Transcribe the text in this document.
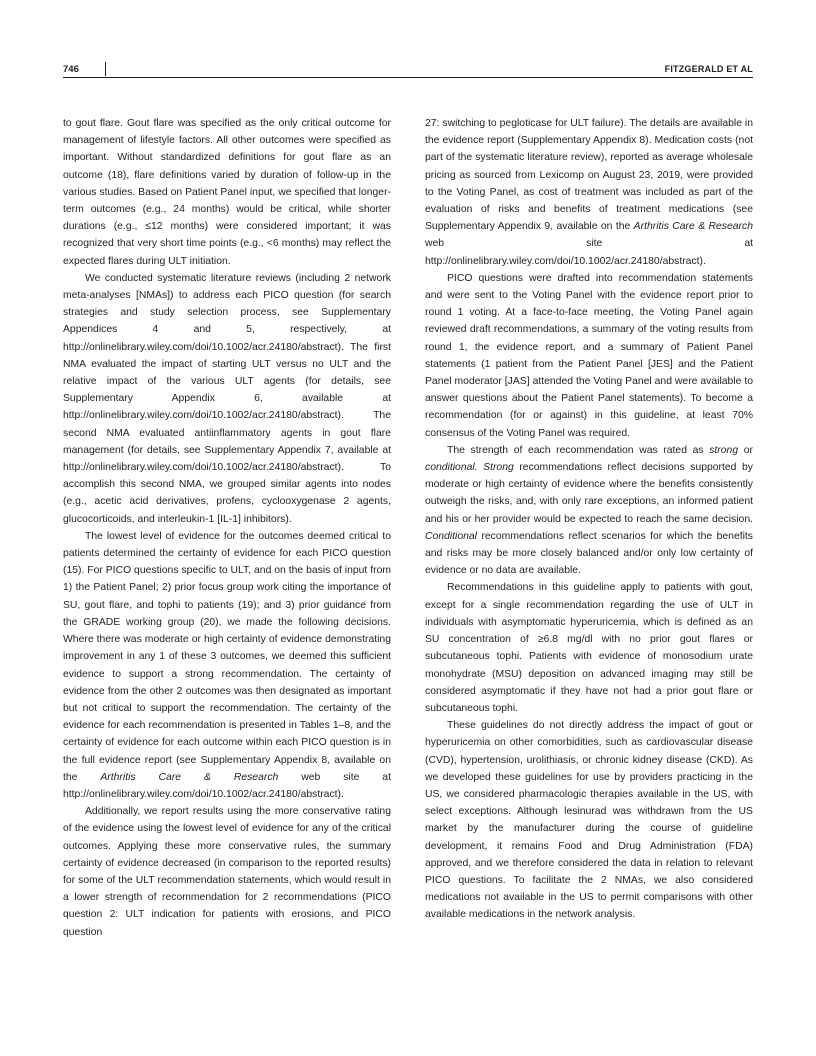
746	FITZGERALD ET AL

to gout flare. Gout flare was specified as the only critical outcome for management of lifestyle factors. All other outcomes were specified as important. Without standardized definitions for gout flare as an outcome (18), flare definitions varied by duration of follow-up in the various studies. Based on Patient Panel input, we specified that longer-term outcomes (e.g., 24 months) would be critical, while shorter durations (e.g., ≤12 months) were considered important; it was recognized that very short time points (e.g., <6 months) may reflect the expected flares during ULT initiation.

We conducted systematic literature reviews (including 2 network meta-analyses [NMAs]) to address each PICO question (for search strategies and study selection process, see Supplementary Appendices 4 and 5, respectively, at http://onlinelibrary.wiley.com/doi/10.1002/acr.24180/abstract). The first NMA evaluated the impact of starting ULT versus no ULT and the relative impact of the various ULT agents (for details, see Supplementary Appendix 6, available at http://onlinelibrary.wiley.com/doi/10.1002/acr.24180/abstract). The second NMA evaluated antiinflammatory agents in gout flare management (for details, see Supplementary Appendix 7, available at http://onlinelibrary.wiley.com/doi/10.1002/acr.24180/abstract). To accomplish this second NMA, we grouped similar agents into nodes (e.g., acetic acid derivatives, profens, cyclooxygenase 2 agents, glucocorticoids, and interleukin-1 [IL-1] inhibitors).

The lowest level of evidence for the outcomes deemed critical to patients determined the certainty of evidence for each PICO question (15). For PICO questions specific to ULT, and on the basis of input from 1) the Patient Panel; 2) prior focus group work citing the importance of SU, gout flare, and tophi to patients (19); and 3) prior guidance from the GRADE working group (20), we made the following decisions. Where there was moderate or high certainty of evidence demonstrating improvement in any 1 of these 3 outcomes, we deemed this sufficient evidence to support a strong recommendation. The certainty of evidence from the other 2 outcomes was then designated as important but not critical to support the recommendation. The certainty of the evidence for each recommendation is presented in Tables 1–8, and the certainty of evidence for each outcome within each PICO question is in the full evidence report (see Supplementary Appendix 8, available on the Arthritis Care & Research web site at http://onlinelibrary.wiley.com/doi/10.1002/acr.24180/abstract).

Additionally, we report results using the more conservative rating of the evidence using the lowest level of evidence for any of the critical outcomes. Applying these more conservative rules, the summary certainty of evidence decreased (in comparison to the reported results) for some of the ULT recommendation statements, which would result in a lower strength of recommendation for 2 recommendations (PICO question 2: ULT indication for patients with erosions, and PICO question

27: switching to pegloticase for ULT failure). The details are available in the evidence report (Supplementary Appendix 8). Medication costs (not part of the systematic literature review), reported as average wholesale pricing as sourced from Lexicomp on August 23, 2019, were provided to the Voting Panel, as cost of treatment was included as part of the evaluation of risks and benefits of treatment medications (see Supplementary Appendix 9, available on the Arthritis Care & Research web site at http://onlinelibrary.wiley.com/doi/10.1002/acr.24180/abstract).

PICO questions were drafted into recommendation statements and were sent to the Voting Panel with the evidence report prior to round 1 voting. At a face-to-face meeting, the Voting Panel again reviewed draft recommendations, a summary of the voting results from round 1, the evidence report, and a summary of Patient Panel statements (1 patient from the Patient Panel [JES] and the Patient Panel moderator [JAS] attended the Voting Panel and were available to answer questions about the Patient Panel statements). To become a recommendation (for or against) in this guideline, at least 70% consensus of the Voting Panel was required.

The strength of each recommendation was rated as strong or conditional. Strong recommendations reflect decisions supported by moderate or high certainty of evidence where the benefits consistently outweigh the risks, and, with only rare exceptions, an informed patient and his or her provider would be expected to reach the same decision. Conditional recommendations reflect scenarios for which the benefits and risks may be more closely balanced and/or only low certainty of evidence or no data are available.

Recommendations in this guideline apply to patients with gout, except for a single recommendation regarding the use of ULT in individuals with asymptomatic hyperuricemia, which is defined as an SU concentration of ≥6.8 mg/dl with no prior gout flares or subcutaneous tophi. Patients with evidence of monosodium urate monohydrate (MSU) deposition on advanced imaging may still be considered asymptomatic if they have not had a prior gout flare or subcutaneous tophi.

These guidelines do not directly address the impact of gout or hyperuricemia on other comorbidities, such as cardiovascular disease (CVD), hypertension, urolithiasis, or chronic kidney disease (CKD). As we developed these guidelines for use by providers practicing in the US, we considered pharmacologic therapies available in the US, with select exceptions. Although lesinurad was withdrawn from the US market by the manufacturer during the course of guideline development, it remains Food and Drug Administration (FDA) approved, and we therefore considered the data in relation to relevant PICO questions. To facilitate the 2 NMAs, we also considered medications not available in the US to permit comparisons with other available medications in the network analysis.
